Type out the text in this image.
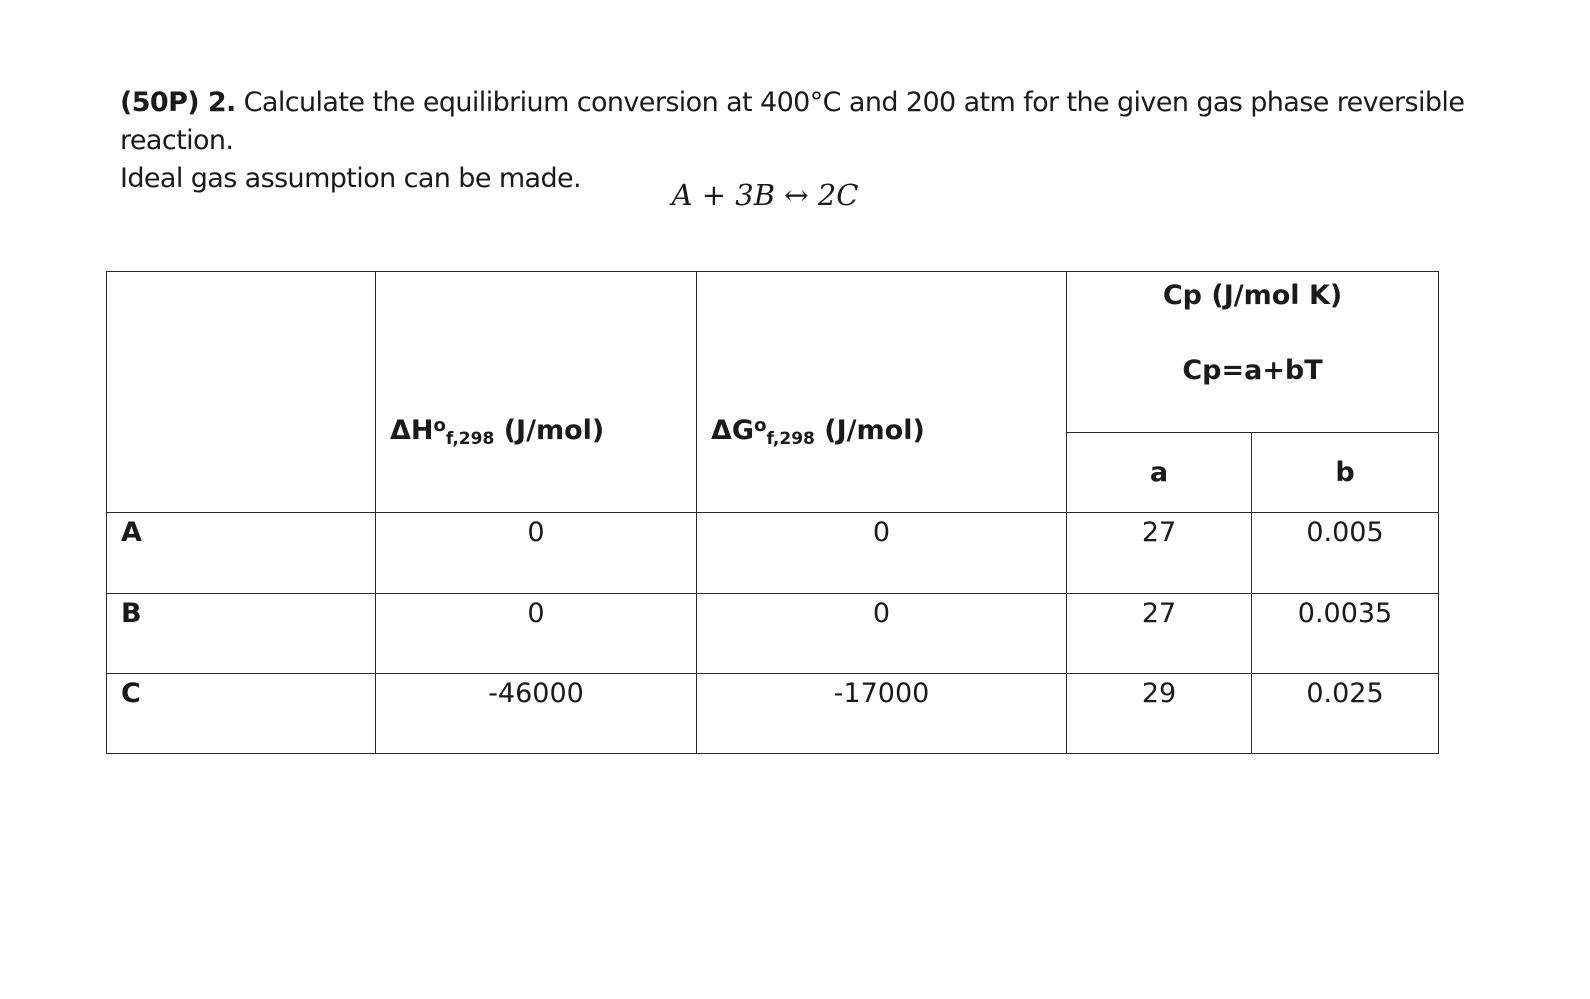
(50P) 2. Calculate the equilibrium conversion at 400°C and 200 atm for the given gas phase reversible reaction.
Ideal gas assumption can be made.	A + 3B ↔ 2C

	$\Delta H^o_{f,298}$ (J/mol)	$\Delta G^o_{f,298}$ (J/mol)	Cp (J/mol K)
Cp=a+bT	

			a	b

A	0	0	27	0.005

B	0	0	27	0.0035

C	-46000	-17000	29	0.025
